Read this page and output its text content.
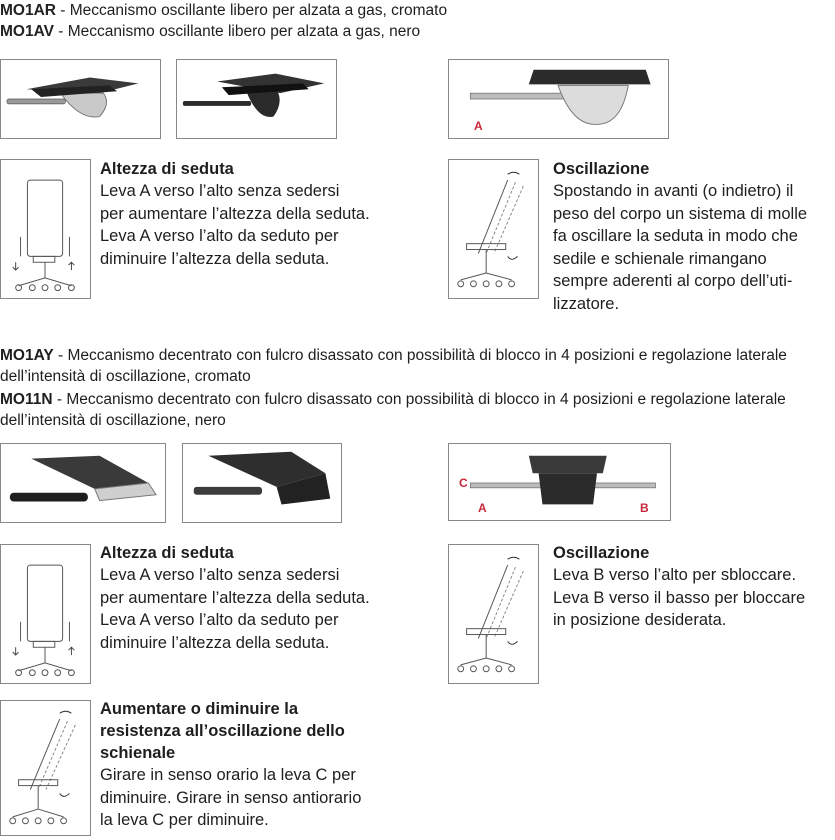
MO1AR - Meccanismo oscillante libero per alzata a gas, cromato
MO1AV - Meccanismo oscillante libero per alzata a gas, nero
A
Altezza di seduta
Leva A verso l’alto senza sedersi
per aumentare l’altezza della seduta.
Leva A verso l’alto da seduto per
diminuire l’altezza della seduta.
Oscillazione
Spostando in avanti (o indietro) il
peso del corpo un sistema di molle
fa oscillare la seduta in modo che
sedile e schienale rimangano
sempre aderenti al corpo dell’uti-
lizzatore.
MO1AY - Meccanismo decentrato con fulcro disassato con possibilità di blocco in 4 posizioni e regolazione laterale dell’intensità di oscillazione, cromato
MO11N - Meccanismo decentrato con fulcro disassato con possibilità di blocco in 4 posizioni e regolazione laterale dell’intensità di oscillazione, nero
C
A	B
Altezza di seduta
Leva A verso l’alto senza sedersi
per aumentare l’altezza della seduta.
Leva A verso l’alto da seduto per
diminuire l’altezza della seduta.
Oscillazione
Leva B verso l’alto per sbloccare.
Leva B verso il basso per bloccare
in posizione desiderata.
Aumentare o diminuire la
resistenza all’oscillazione dello
schienale
Girare in senso orario la leva C per
diminuire. Girare in senso antiorario
la leva C per diminuire.
